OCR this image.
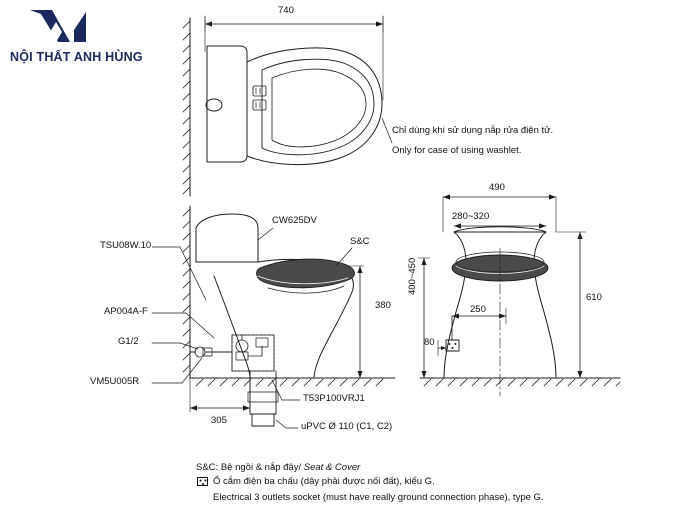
NỘI THẤT ANH HÙNG
740
Chỉ dùng khi sử dụng nắp rửa điện tử.
Only for case of using washlet.
CW625DV
S&C
TSU08W.10
AP004A-F
G1/2
VM5U005R
T53P100VRJ1
uPVC Ø 110 (C1, C2)
380
305
490
280~320
610
400~450
250
80
S&C: Bệ ngồi & nắp đậy/ Seat & Cover
Ổ cắm điện ba chấu (dây phải được nối đất), kiểu G.
Electrical 3 outlets socket (must have really ground connection phase), type G.
